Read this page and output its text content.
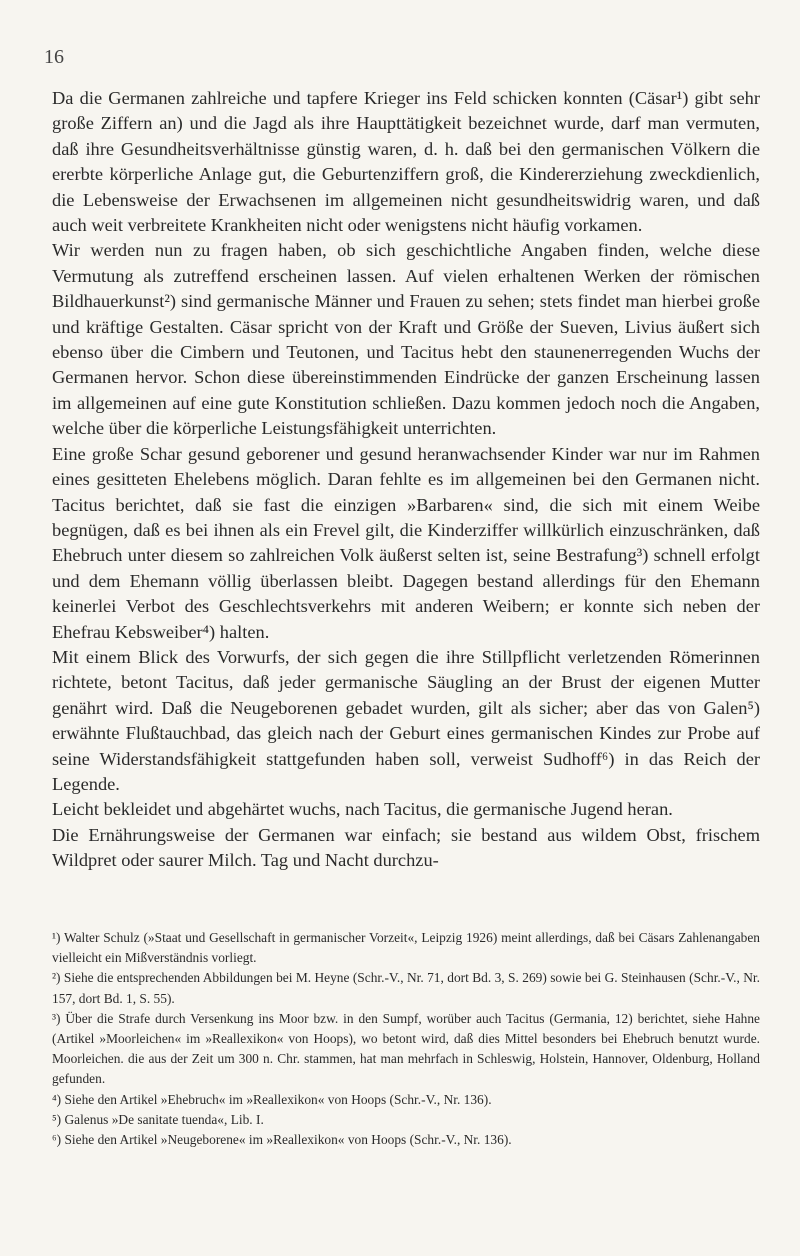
16

Da die Germanen zahlreiche und tapfere Krieger ins Feld schicken konnten (Cäsar¹) gibt sehr große Ziffern an) und die Jagd als ihre Haupttätigkeit bezeichnet wurde, darf man vermuten, daß ihre Gesundheitsverhältnisse günstig waren, d. h. daß bei den germanischen Völkern die ererbte körperliche Anlage gut, die Geburtenziffern groß, die Kindererziehung zweckdienlich, die Lebensweise der Erwachsenen im allgemeinen nicht gesundheitswidrig waren, und daß auch weit verbreitete Krankheiten nicht oder wenigstens nicht häufig vorkamen.

Wir werden nun zu fragen haben, ob sich geschichtliche Angaben finden, welche diese Vermutung als zutreffend erscheinen lassen. Auf vielen erhaltenen Werken der römischen Bildhauerkunst²) sind germanische Männer und Frauen zu sehen; stets findet man hierbei große und kräftige Gestalten. Cäsar spricht von der Kraft und Größe der Sueven, Livius äußert sich ebenso über die Cimbern und Teutonen, und Tacitus hebt den staunenerregenden Wuchs der Germanen hervor. Schon diese übereinstimmenden Eindrücke der ganzen Erscheinung lassen im allgemeinen auf eine gute Konstitution schließen. Dazu kommen jedoch noch die Angaben, welche über die körperliche Leistungsfähigkeit unterrichten.

Eine große Schar gesund geborener und gesund heranwachsender Kinder war nur im Rahmen eines gesitteten Ehelebens möglich. Daran fehlte es im allgemeinen bei den Germanen nicht. Tacitus berichtet, daß sie fast die einzigen »Barbaren« sind, die sich mit einem Weibe begnügen, daß es bei ihnen als ein Frevel gilt, die Kinderziffer willkürlich einzuschränken, daß Ehebruch unter diesem so zahlreichen Volk äußerst selten ist, seine Bestrafung³) schnell erfolgt und dem Ehemann völlig überlassen bleibt. Dagegen bestand allerdings für den Ehemann keinerlei Verbot des Geschlechtsverkehrs mit anderen Weibern; er konnte sich neben der Ehefrau Kebsweiber⁴) halten.

Mit einem Blick des Vorwurfs, der sich gegen die ihre Stillpflicht verletzenden Römerinnen richtete, betont Tacitus, daß jeder germanische Säugling an der Brust der eigenen Mutter genährt wird. Daß die Neugeborenen gebadet wurden, gilt als sicher; aber das von Galen⁵) erwähnte Flußtauchbad, das gleich nach der Geburt eines germanischen Kindes zur Probe auf seine Widerstandsfähigkeit stattgefunden haben soll, verweist Sudhoff⁶) in das Reich der Legende.

Leicht bekleidet und abgehärtet wuchs, nach Tacitus, die germanische Jugend heran.

Die Ernährungsweise der Germanen war einfach; sie bestand aus wildem Obst, frischem Wildpret oder saurer Milch. Tag und Nacht durchzu-

¹) Walter Schulz (»Staat und Gesellschaft in germanischer Vorzeit«, Leipzig 1926) meint allerdings, daß bei Cäsars Zahlenangaben vielleicht ein Mißverständnis vorliegt.

²) Siehe die entsprechenden Abbildungen bei M. Heyne (Schr.-V., Nr. 71, dort Bd. 3, S. 269) sowie bei G. Steinhausen (Schr.-V., Nr. 157, dort Bd. 1, S. 55).

³) Über die Strafe durch Versenkung ins Moor bzw. in den Sumpf, worüber auch Tacitus (Germania, 12) berichtet, siehe Hahne (Artikel »Moorleichen« im »Reallexikon« von Hoops), wo betont wird, daß dies Mittel besonders bei Ehebruch benutzt wurde. Moorleichen. die aus der Zeit um 300 n. Chr. stammen, hat man mehrfach in Schleswig, Holstein, Hannover, Oldenburg, Holland gefunden.

⁴) Siehe den Artikel »Ehebruch« im »Reallexikon« von Hoops (Schr.-V., Nr. 136).

⁵) Galenus »De sanitate tuenda«, Lib. I.

⁶) Siehe den Artikel »Neugeborene« im »Reallexikon« von Hoops (Schr.-V., Nr. 136).
